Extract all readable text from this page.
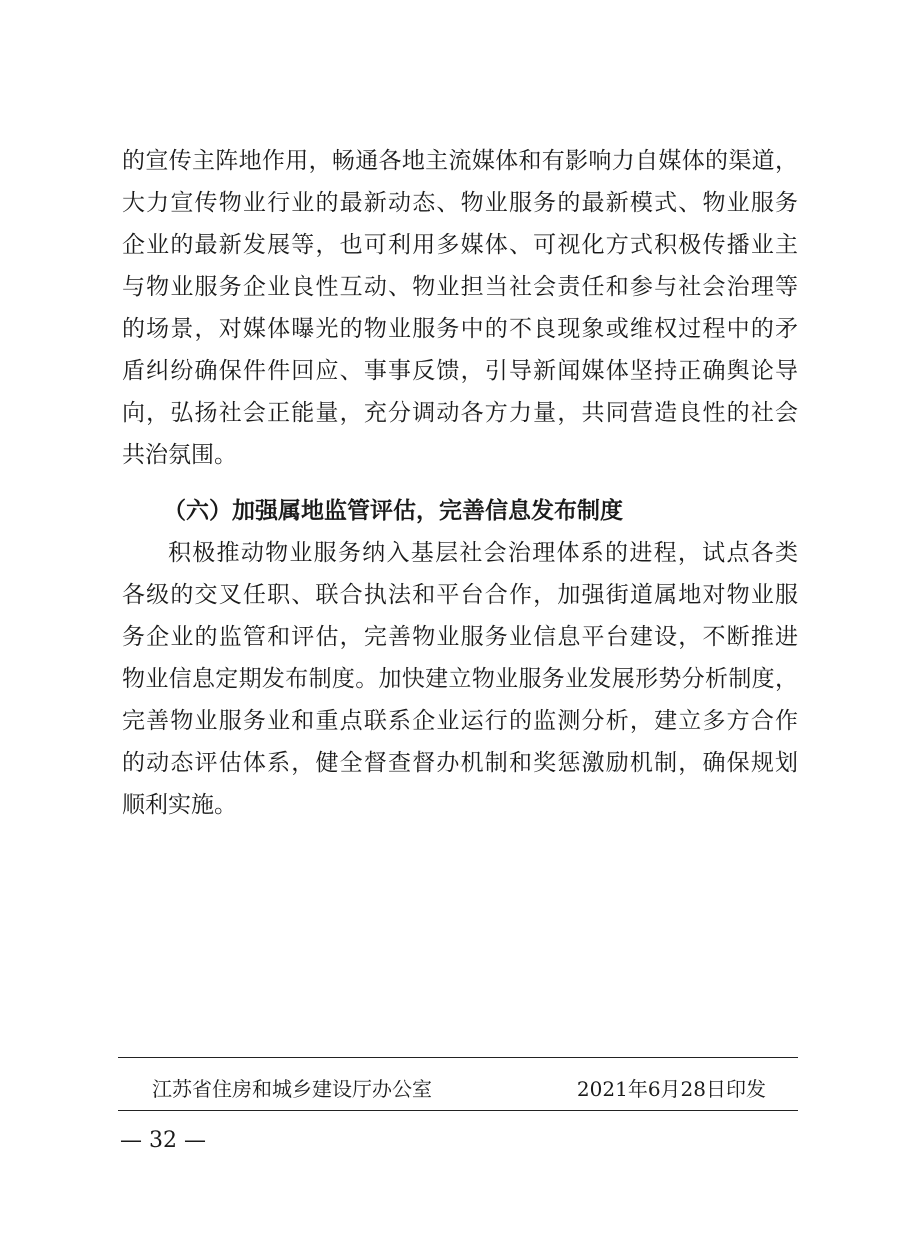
的宣传主阵地作用，畅通各地主流媒体和有影响力自媒体的渠道，
大力宣传物业行业的最新动态、物业服务的最新模式、物业服务
企业的最新发展等，也可利用多媒体、可视化方式积极传播业主
与物业服务企业良性互动、物业担当社会责任和参与社会治理等
的场景，对媒体曝光的物业服务中的不良现象或维权过程中的矛
盾纠纷确保件件回应、事事反馈，引导新闻媒体坚持正确舆论导
向，弘扬社会正能量，充分调动各方力量，共同营造良性的社会
共治氛围。
（六）加强属地监管评估，完善信息发布制度
积极推动物业服务纳入基层社会治理体系的进程，试点各类
各级的交叉任职、联合执法和平台合作，加强街道属地对物业服
务企业的监管和评估，完善物业服务业信息平台建设，不断推进
物业信息定期发布制度。加快建立物业服务业发展形势分析制度，
完善物业服务业和重点联系企业运行的监测分析，建立多方合作
的动态评估体系，健全督查督办机制和奖惩激励机制，确保规划
顺利实施。
江苏省住房和城乡建设厅办公室	2021年6月28日印发
— 32 —
